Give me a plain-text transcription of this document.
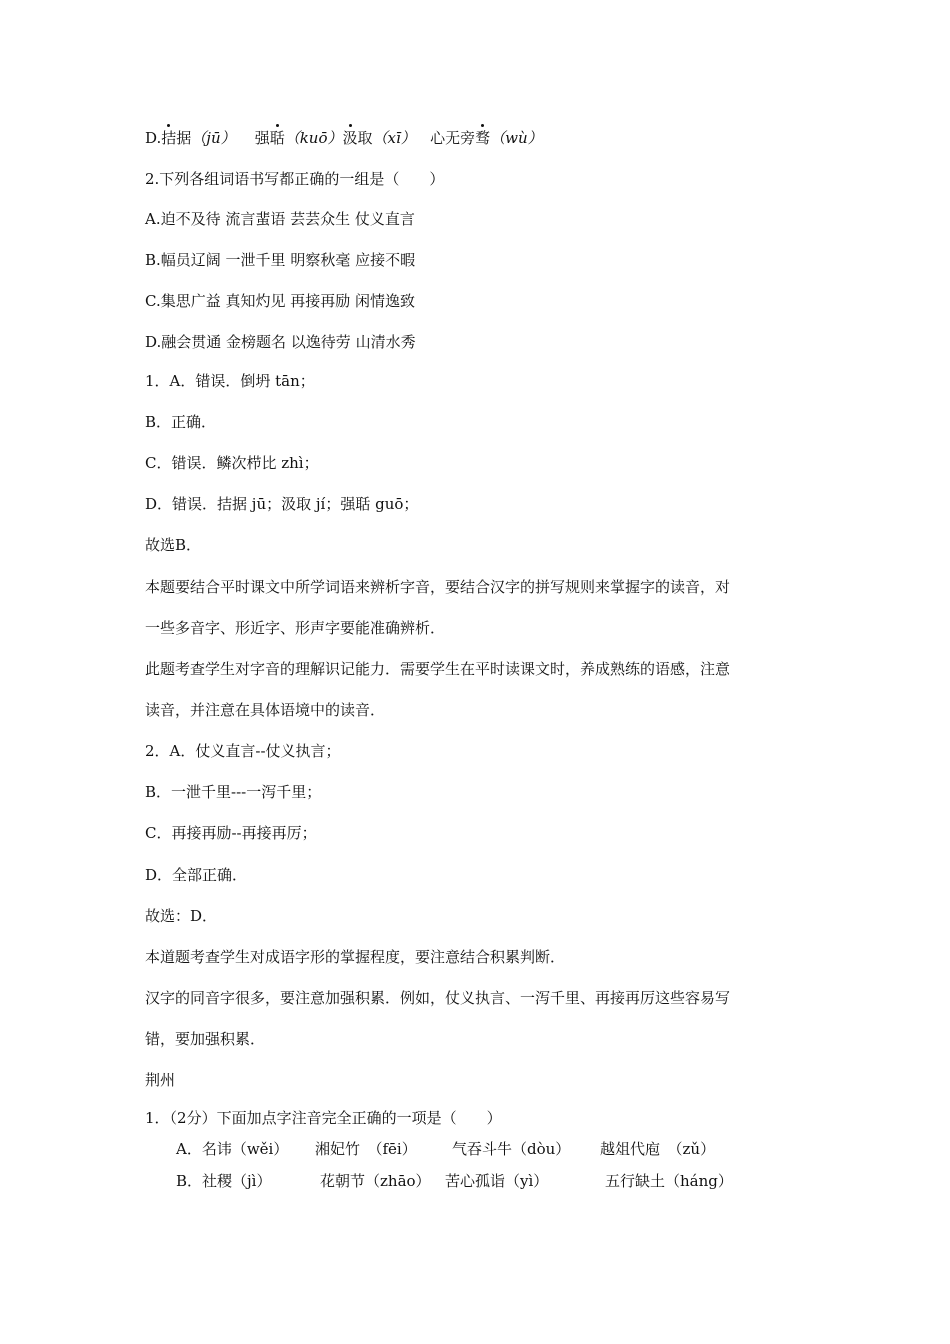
D.拮据（jū） 强聒（kuō）汲取（xī） 心无旁骛（wù）
2.下列各组词语书写都正确的一组是（　　）
A.迫不及待 流言蜚语 芸芸众生 仗义直言
B.幅员辽阔 一泄千里 明察秋毫 应接不暇
C.集思广益 真知灼见 再接再励 闲情逸致
D.融会贯通 金榜题名 以逸待劳 山清水秀
1．A．错误．倒坍 tān；
B．正确．
C．错误．鳞次栉比 zhì；
D．错误．拮据 jū；汲取 jí；强聒 guō；
故选B．
本题要结合平时课文中所学词语来辨析字音，要结合汉字的拼写规则来掌握字的读音，对
一些多音字、形近字、形声字要能准确辨析．
此题考查学生对字音的理解识记能力．需要学生在平时读课文时，养成熟练的语感，注意
读音，并注意在具体语境中的读音．
2．A．仗义直言--仗义执言；
B．一泄千里---一泻千里；
C．再接再励--再接再厉；
D．全部正确．
故选：D．
本道题考查学生对成语字形的掌握程度，要注意结合积累判断．
汉字的同音字很多，要注意加强积累．例如，仗义执言、一泻千里、再接再厉这些容易写
错，要加强积累．
荆州
1．（2分）下面加点字注音完全正确的一项是（　　）
A．名讳（wěi） 湘妃竹　（fēi） 气吞斗牛（dòu） 越俎代庖　（zǔ）
B．社稷（jì）	花朝节（zhāo） 苦心孤诣（yì）	五行缺土（háng）
